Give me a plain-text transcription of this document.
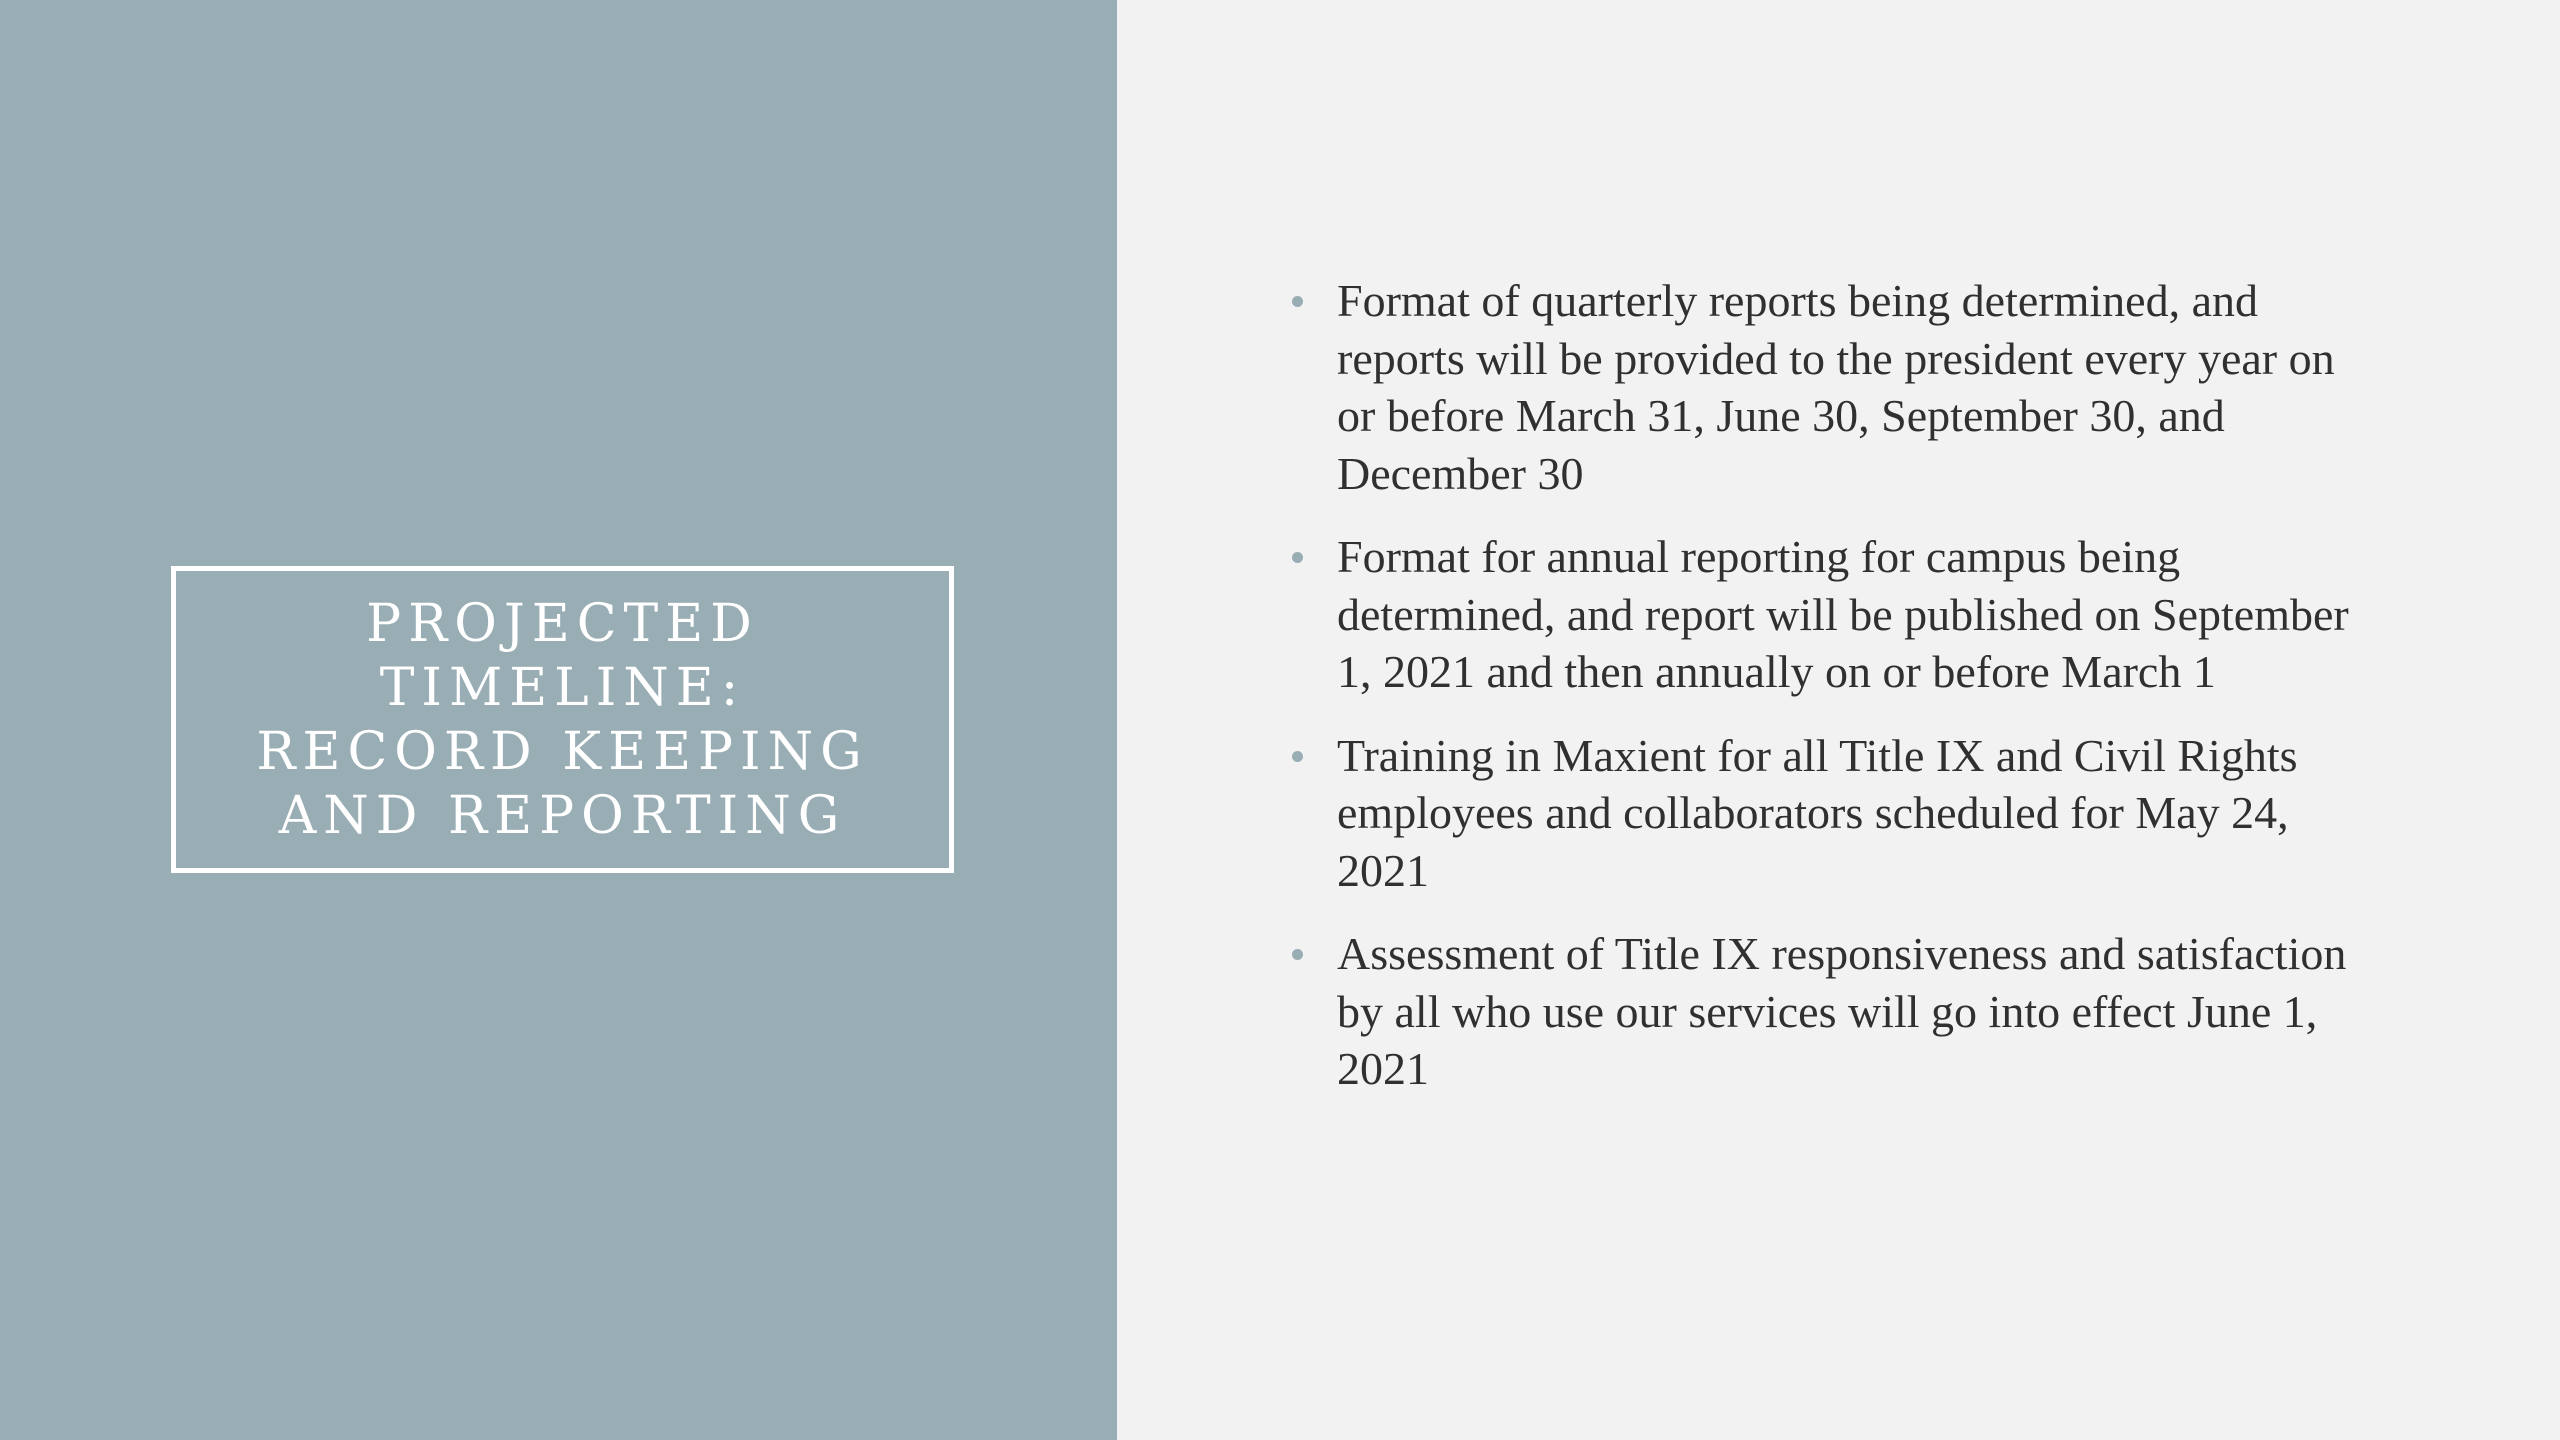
PROJECTED
TIMELINE:
RECORD KEEPING
AND REPORTING
Format of quarterly reports being determined, and reports will be provided to the president every year on or before March 31, June 30, September 30, and December 30
Format for annual reporting for campus being determined, and report will be published on September 1, 2021 and then annually on or before March 1
Training in Maxient for all Title IX and Civil Rights employees and collaborators scheduled for May 24, 2021
Assessment of Title IX responsiveness and satisfaction by all who use our services will go into effect June 1, 2021
